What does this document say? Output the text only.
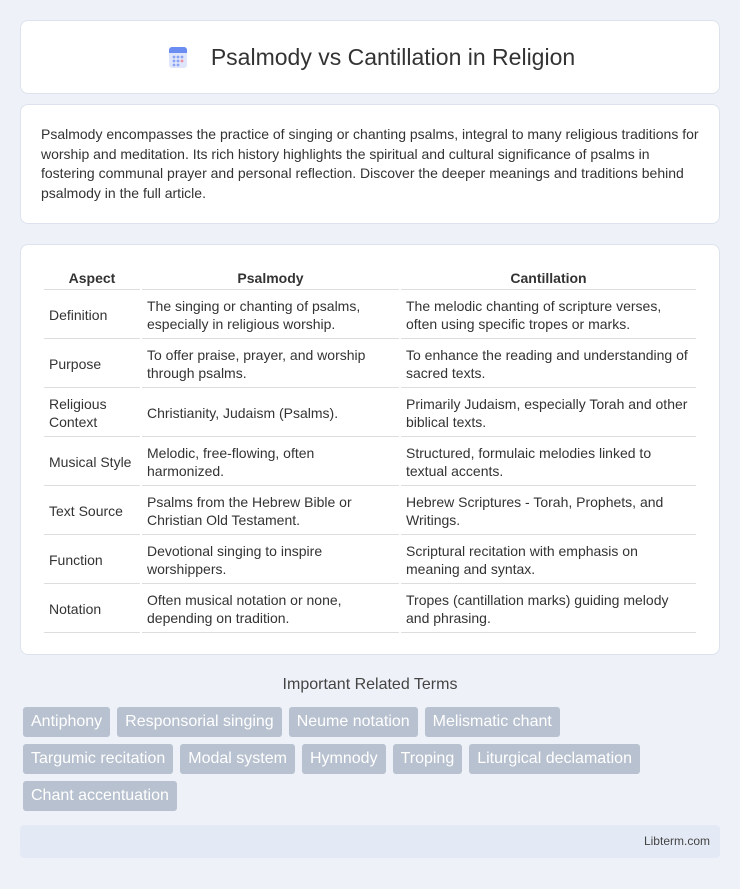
Psalmody vs Cantillation in Religion

Psalmody encompasses the practice of singing or chanting psalms, integral to many religious traditions for worship and meditation. Its rich history highlights the spiritual and cultural significance of psalms in fostering communal prayer and personal reflection. Discover the deeper meanings and traditions behind psalmody in the full article.

Aspect	Psalmody	Cantillation
Definition	The singing or chanting of psalms, especially in religious worship.	The melodic chanting of scripture verses, often using specific tropes or marks.
Purpose	To offer praise, prayer, and worship through psalms.	To enhance the reading and understanding of sacred texts.
Religious Context	Christianity, Judaism (Psalms).	Primarily Judaism, especially Torah and other biblical texts.
Musical Style	Melodic, free-flowing, often harmonized.	Structured, formulaic melodies linked to textual accents.
Text Source	Psalms from the Hebrew Bible or Christian Old Testament.	Hebrew Scriptures - Torah, Prophets, and Writings.
Function	Devotional singing to inspire worshippers.	Scriptural recitation with emphasis on meaning and syntax.
Notation	Often musical notation or none, depending on tradition.	Tropes (cantillation marks) guiding melody and phrasing.
Important Related Terms
Antiphony	Responsorial singing	Neume notation	Melismatic chant
Targumic recitation	Modal system	Hymnody	Troping	Liturgical declamation
Chant accentuation
Libterm.com
